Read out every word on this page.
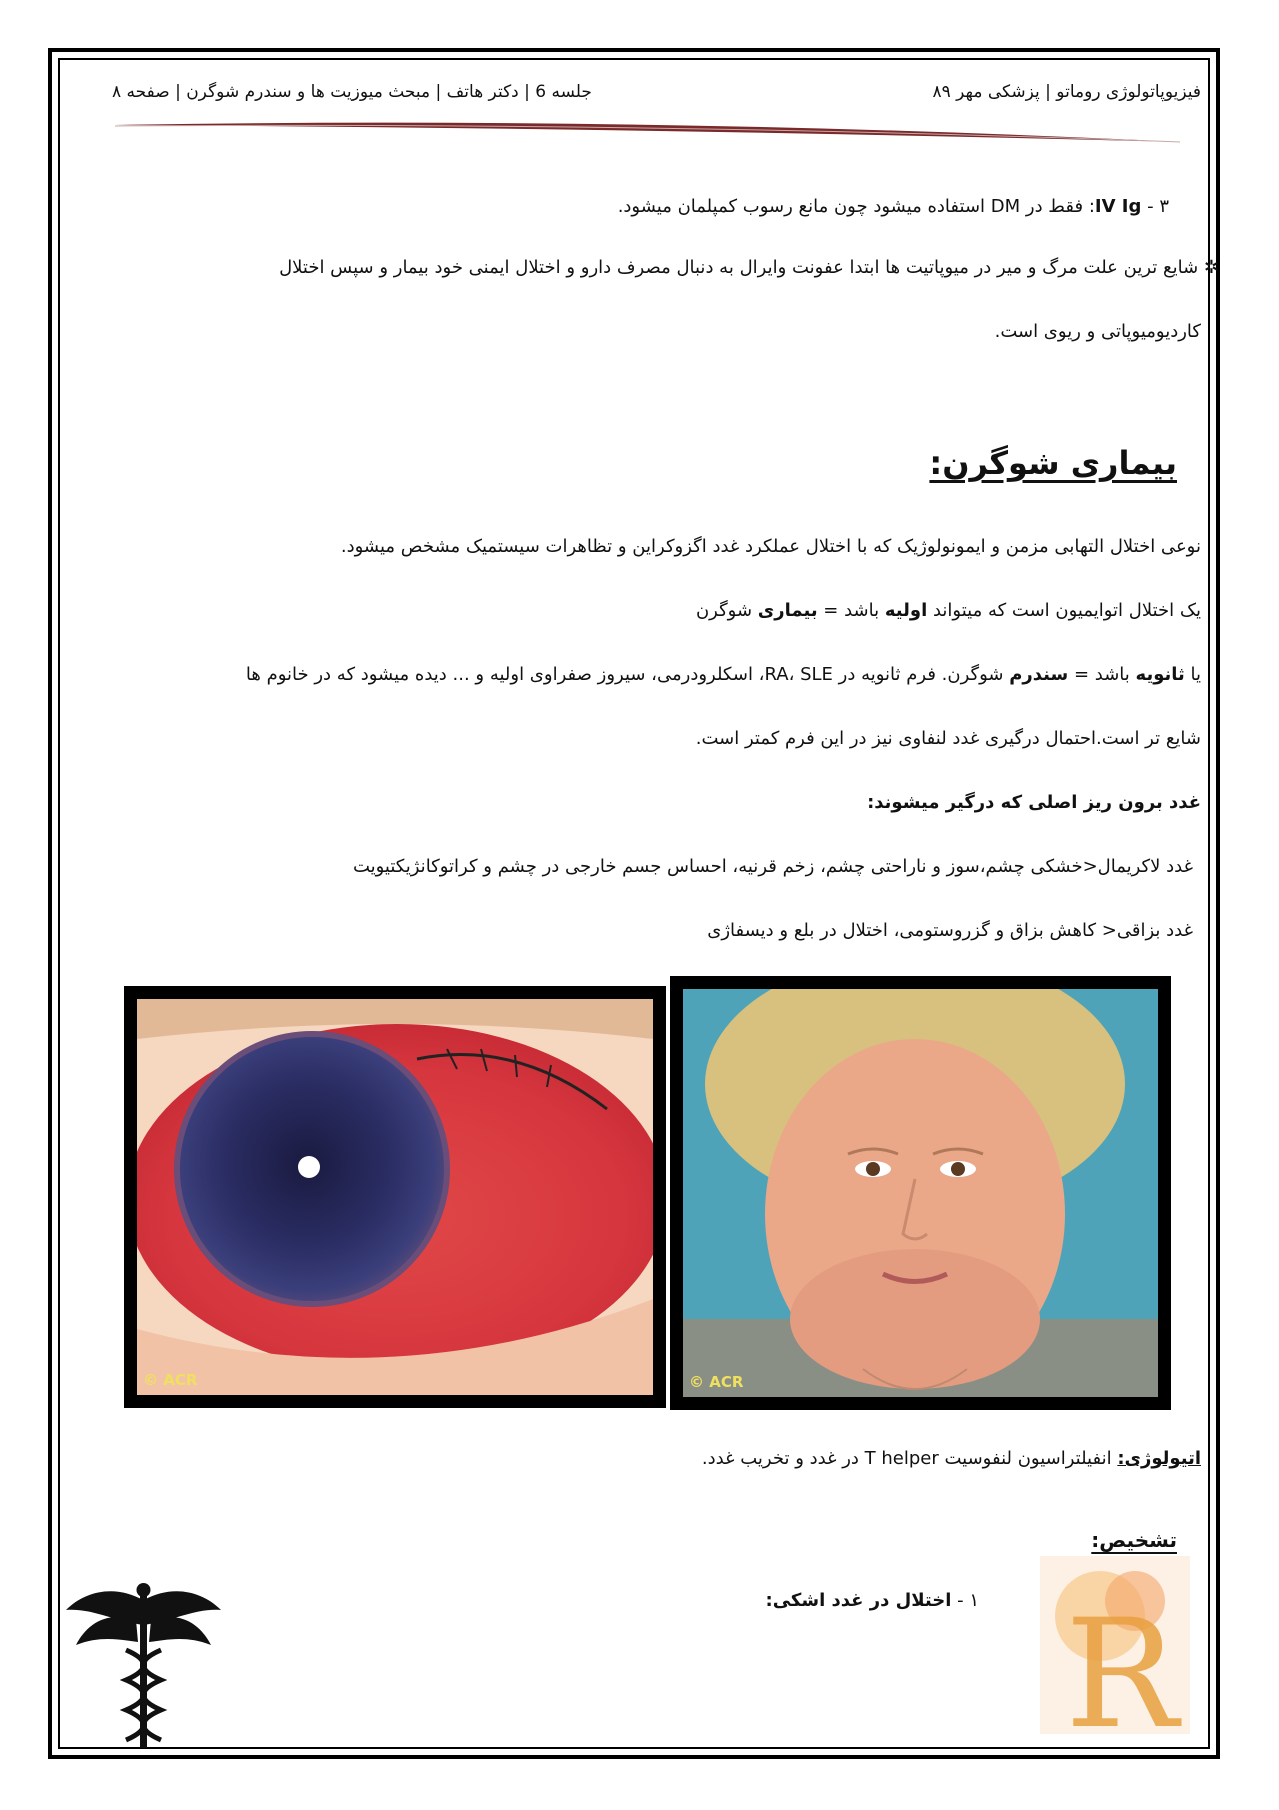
فیزیوپاتولوژی روماتو | پزشکی مهر ۸۹
جلسه 6 | دکتر هاتف | مبحث میوزیت ها و سندرم شوگرن | صفحه ۸
۳ - IV Ig: فقط در DM استفاده میشود چون مانع رسوب کمپلمان میشود.
✲ شایع ترین علت مرگ و میر در میوپاتیت ها ابتدا عفونت وایرال به دنبال مصرف دارو و اختلال ایمنی خود بیمار و سپس اختلال
کاردیومیوپاتی و ریوی است.
بیماری شوگرن:
نوعی اختلال التهابی مزمن و ایمونولوژیک که با اختلال عملکرد غدد اگزوکراین و تظاهرات سیستمیک مشخص میشود.
یک اختلال اتوایمیون است که میتواند اولیه باشد = بیماری شوگرن
یا ثانویه باشد = سندرم شوگرن. فرم ثانویه در RA، SLE، اسکلرودرمی، سیروز صفراوی اولیه و ... دیده میشود که در خانوم ها
شایع تر است.احتمال درگیری غدد لنفاوی نیز در این فرم کمتر است.
غدد برون ریز اصلی که درگیر میشوند:
غدد لاکریمال<خشکی چشم،سوز و ناراحتی چشم، زخم قرنیه، احساس جسم خارجی در چشم و کراتوکانژیکتیویت
غدد بزاقی< کاهش بزاق و گزروستومی، اختلال در بلع و دیسفاژی
© ACR	© ACR
اتیولوژی: انفیلتراسیون لنفوسیت T helper در غدد و تخریب غدد.
تشخیص:
۱ - اختلال در غدد اشکی: R
